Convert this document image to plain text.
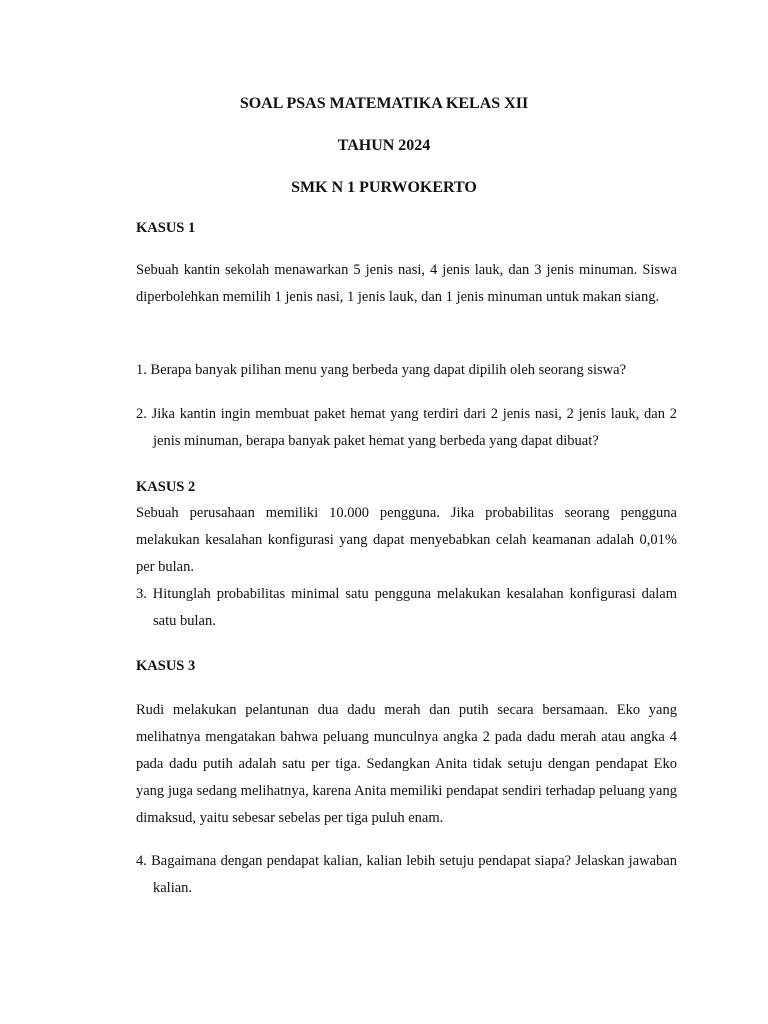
SOAL PSAS MATEMATIKA KELAS XII
TAHUN 2024
SMK N 1 PURWOKERTO
KASUS 1

Sebuah kantin sekolah menawarkan 5 jenis nasi, 4 jenis lauk, dan 3 jenis minuman. Siswa diperbolehkan memilih 1 jenis nasi, 1 jenis lauk, dan 1 jenis minuman untuk makan siang.

1. Berapa banyak pilihan menu yang berbeda yang dapat dipilih oleh seorang siswa?

2. Jika kantin ingin membuat paket hemat yang terdiri dari 2 jenis nasi, 2 jenis lauk, dan 2 jenis minuman, berapa banyak paket hemat yang berbeda yang dapat dibuat?

KASUS 2

Sebuah perusahaan memiliki 10.000 pengguna. Jika probabilitas seorang pengguna melakukan kesalahan konfigurasi yang dapat menyebabkan celah keamanan adalah 0,01% per bulan.

3. Hitunglah probabilitas minimal satu pengguna melakukan kesalahan konfigurasi dalam satu bulan.

KASUS 3

Rudi melakukan pelantunan dua dadu merah dan putih secara bersamaan. Eko yang melihatnya mengatakan bahwa peluang munculnya angka 2 pada dadu merah atau angka 4 pada dadu putih adalah satu per tiga. Sedangkan Anita tidak setuju dengan pendapat Eko yang juga sedang melihatnya, karena Anita memiliki pendapat sendiri terhadap peluang yang dimaksud, yaitu sebesar sebelas per tiga puluh enam.

4. Bagaimana dengan pendapat kalian, kalian lebih setuju pendapat siapa? Jelaskan jawaban kalian.
